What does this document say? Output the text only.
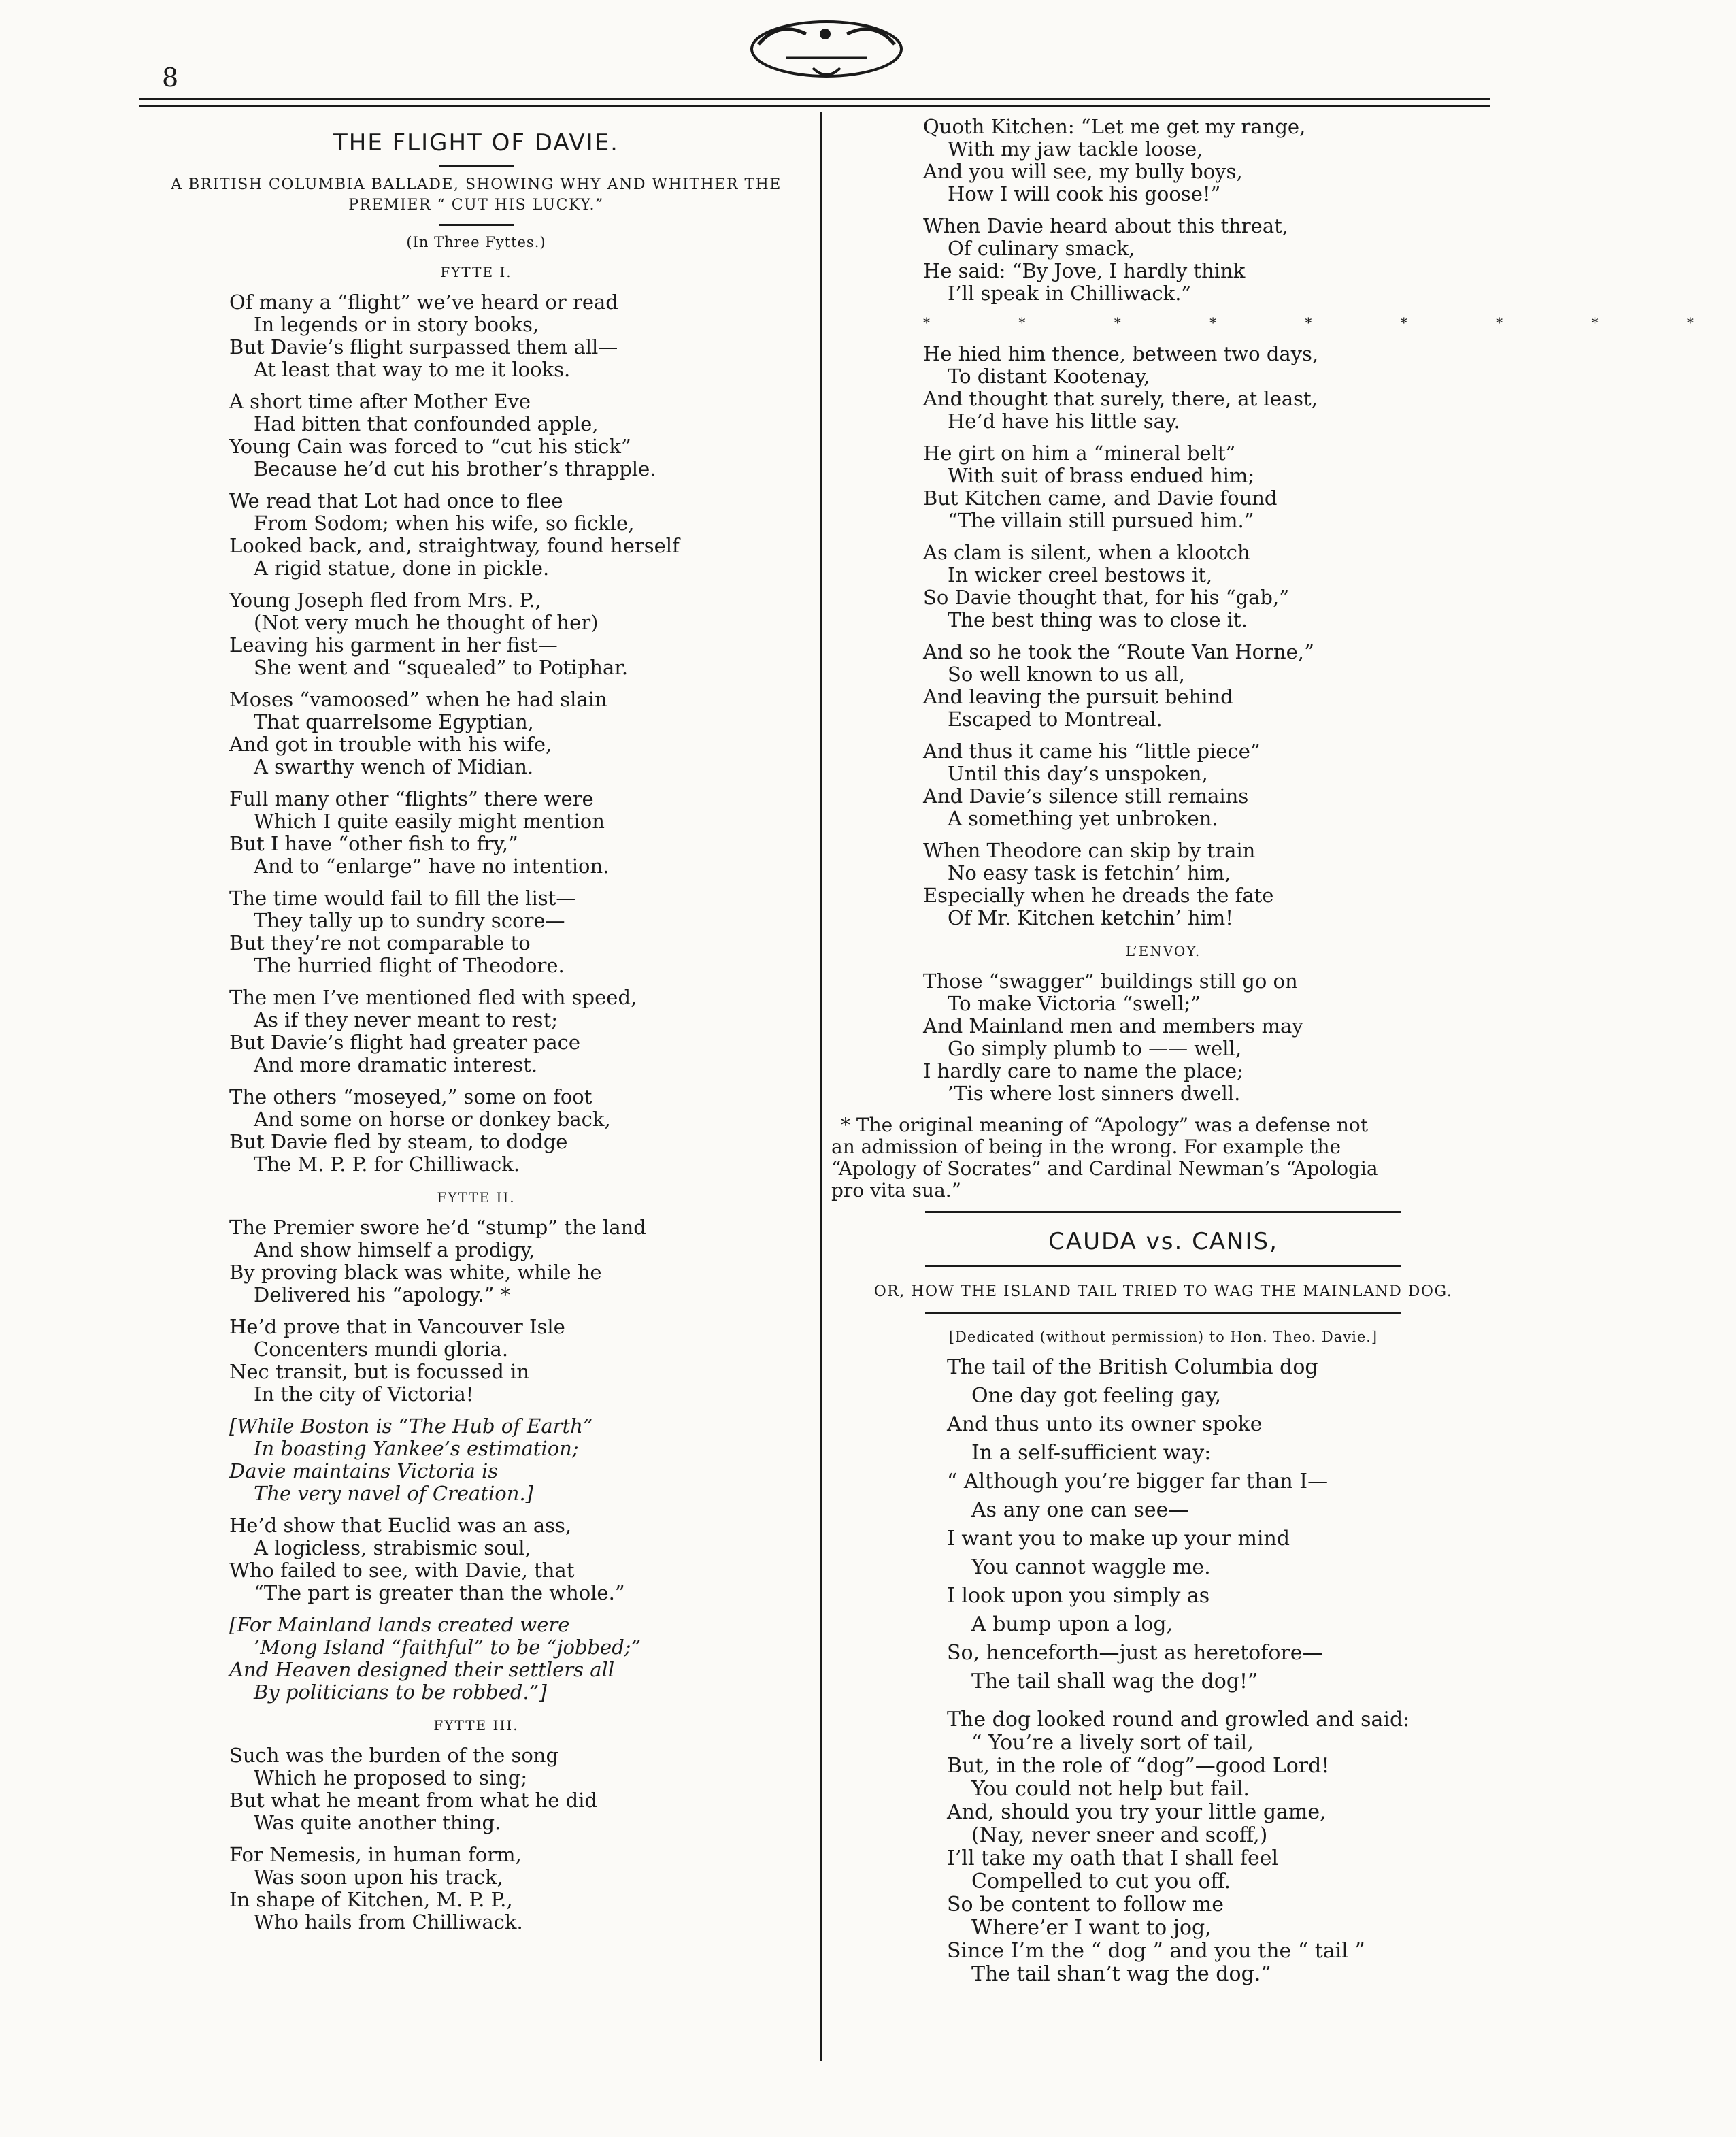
8
THE FLIGHT OF DAVIE.
A BRITISH COLUMBIA BALLADE, SHOWING WHY AND WHITHER THE PREMIER “ CUT HIS LUCKY.”
(In Three Fyttes.)
FYTTE I.
Of many a “flight” we’ve heard or read
In legends or in story books,
But Davie’s flight surpassed them all—
At least that way to me it looks.
A short time after Mother Eve
Had bitten that confounded apple,
Young Cain was forced to “cut his stick”
Because he’d cut his brother’s thrapple.
We read that Lot had once to flee
From Sodom; when his wife, so fickle,
Looked back, and, straightway, found herself
A rigid statue, done in pickle.
Young Joseph fled from Mrs. P.,
(Not very much he thought of her)
Leaving his garment in her fist—
She went and “squealed” to Potiphar.
Moses “vamoosed” when he had slain
That quarrelsome Egyptian,
And got in trouble with his wife,
A swarthy wench of Midian.
Full many other “flights” there were
Which I quite easily might mention
But I have “other fish to fry,”
And to “enlarge” have no intention.
The time would fail to fill the list—
They tally up to sundry score—
But they’re not comparable to
The hurried flight of Theodore.
The men I’ve mentioned fled with speed,
As if they never meant to rest;
But Davie’s flight had greater pace
And more dramatic interest.
The others “moseyed,” some on foot
And some on horse or donkey back,
But Davie fled by steam, to dodge
The M. P. P. for Chilliwack.
FYTTE II.
The Premier swore he’d “stump” the land
And show himself a prodigy,
By proving black was white, while he
Delivered his “apology.” *
He’d prove that in Vancouver Isle
Concenters mundi gloria.
Nec transit, but is focussed in
In the city of Victoria!
[While Boston is “The Hub of Earth”
In boasting Yankee’s estimation;
Davie maintains Victoria is
The very navel of Creation.]
He’d show that Euclid was an ass,
A logicless, strabismic soul,
Who failed to see, with Davie, that
“The part is greater than the whole.”
[For Mainland lands created were
’Mong Island “faithful” to be “jobbed;”
And Heaven designed their settlers all
By politicians to be robbed.”]
FYTTE III.
Such was the burden of the song
Which he proposed to sing;
But what he meant from what he did
Was quite another thing.
For Nemesis, in human form,
Was soon upon his track,
In shape of Kitchen, M. P. P.,
Who hails from Chilliwack.
Quoth Kitchen: “Let me get my range,
With my jaw tackle loose,
And you will see, my bully boys,
How I will cook his goose!”
When Davie heard about this threat,
Of culinary smack,
He said: “By Jove, I hardly think
I’ll speak in Chilliwack.”
* * * * * * * * *
He hied him thence, between two days,
To distant Kootenay,
And thought that surely, there, at least,
He’d have his little say.
He girt on him a “mineral belt”
With suit of brass endued him;
But Kitchen came, and Davie found
“The villain still pursued him.”
As clam is silent, when a klootch
In wicker creel bestows it,
So Davie thought that, for his “gab,”
The best thing was to close it.
And so he took the “Route Van Horne,”
So well known to us all,
And leaving the pursuit behind
Escaped to Montreal.
And thus it came his “little piece”
Until this day’s unspoken,
And Davie’s silence still remains
A something yet unbroken.
When Theodore can skip by train
No easy task is fetchin’ him,
Especially when he dreads the fate
Of Mr. Kitchen ketchin’ him!
L’ENVOY.
Those “swagger” buildings still go on
To make Victoria “swell;”
And Mainland men and members may
Go simply plumb to —— well,
I hardly care to name the place;
’Tis where lost sinners dwell.
* The original meaning of “Apology” was a defense not
an admission of being in the wrong. For example the
“Apology of Socrates” and Cardinal Newman’s “Apologia
pro vita sua.”
CAUDA vs. CANIS,
OR, HOW THE ISLAND TAIL TRIED TO WAG THE MAINLAND DOG.
[Dedicated (without permission) to Hon. Theo. Davie.]
The tail of the British Columbia dog
One day got feeling gay,
And thus unto its owner spoke
In a self-sufficient way:
“ Although you’re bigger far than I—
As any one can see—
I want you to make up your mind
You cannot waggle me.
I look upon you simply as
A bump upon a log,
So, henceforth—just as heretofore—
The tail shall wag the dog!”
The dog looked round and growled and said:
“ You’re a lively sort of tail,
But, in the role of “dog”—good Lord!
You could not help but fail.
And, should you try your little game,
(Nay, never sneer and scoff,)
I’ll take my oath that I shall feel
Compelled to cut you off.
So be content to follow me
Where’er I want to jog,
Since I’m the “ dog ” and you the “ tail ”
The tail shan’t wag the dog.”
